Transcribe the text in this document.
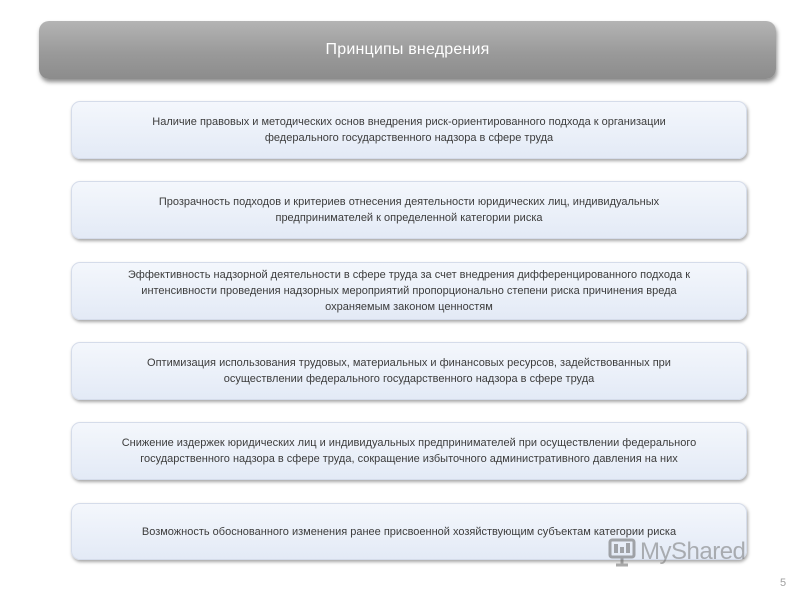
Принципы внедрения
Наличие правовых и методических основ внедрения риск-ориентированного подхода к организации
федерального государственного надзора в сфере труда
Прозрачность подходов и критериев отнесения деятельности юридических лиц, индивидуальных
предпринимателей к определенной категории риска
Эффективность надзорной деятельности в сфере труда за счет внедрения дифференцированного подхода к
интенсивности проведения надзорных мероприятий пропорционально степени риска причинения вреда
охраняемым законом ценностям
Оптимизация использования трудовых, материальных и финансовых ресурсов, задействованных при
осуществлении федерального государственного надзора в сфере труда
Снижение издержек юридических лиц и индивидуальных предпринимателей при осуществлении федерального
государственного надзора в сфере труда, сокращение избыточного административного давления на них
Возможность обоснованного изменения ранее присвоенной хозяйствующим субъектам категории риска
MyShared
5
